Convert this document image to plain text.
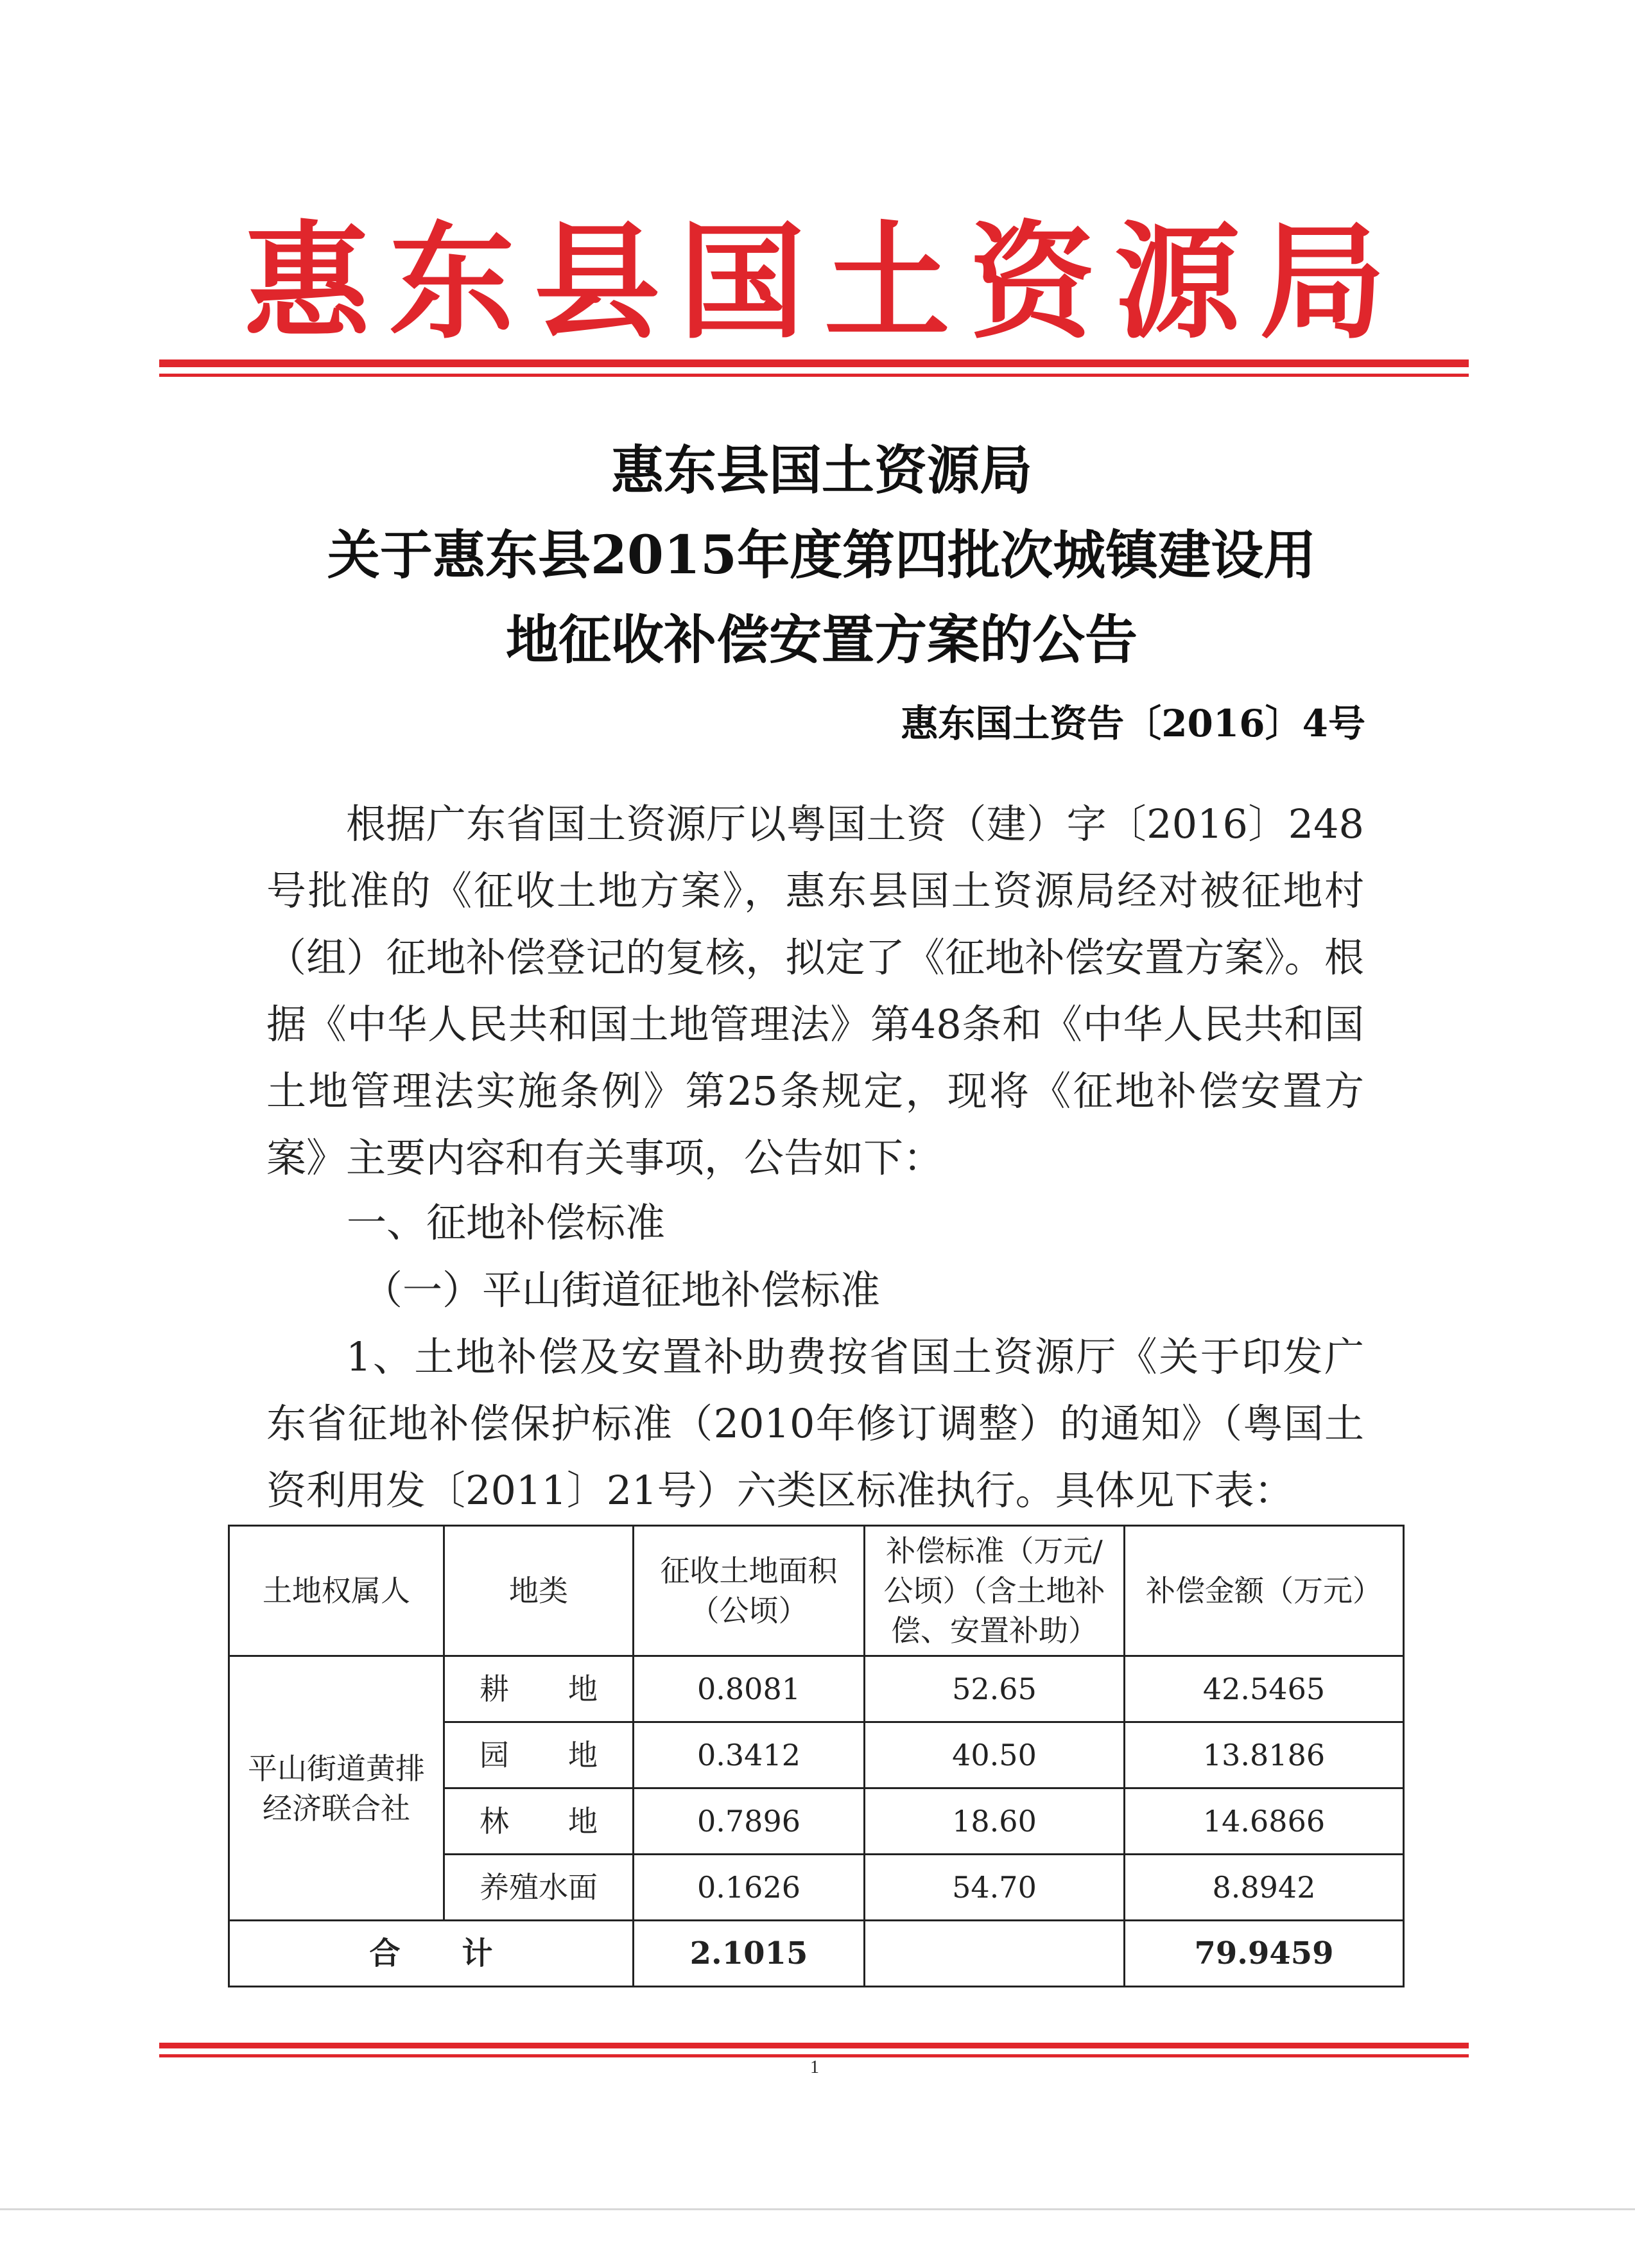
惠东县国土资源局
惠东县国土资源局
关于惠东县2015年度第四批次城镇建设用
地征收补偿安置方案的公告
惠东国土资告〔2016〕4号
根据广东省国土资源厅以粤国土资（建）字〔2016〕248号批准的《征收土地方案》，惠东县国土资源局经对被征地村（组）征地补偿登记的复核，拟定了《征地补偿安置方案》。根据《中华人民共和国土地管理法》第48条和《中华人民共和国土地管理法实施条例》第25条规定，现将《征地补偿安置方案》主要内容和有关事项，公告如下：
一、征地补偿标准
（一）平山街道征地补偿标准
1、土地补偿及安置补助费按省国土资源厅《关于印发广东省征地补偿保护标准（2010年修订调整）的通知》（粤国土资利用发〔2011〕21号）六类区标准执行。具体见下表：
土地权属人	地类	征收土地面积（公顷）	补偿标准（万元/公顷）（含土地补偿、安置补助）	补偿金额（万元）
平山街道黄排经济联合社	耕　　地	0.8081	52.65	42.5465
	园　　地	0.3412	40.50	13.8186
	林　　地	0.7896	18.60	14.6866
	养殖水面	0.1626	54.70	8.8942
合　　计		2.1015		79.9459
1
